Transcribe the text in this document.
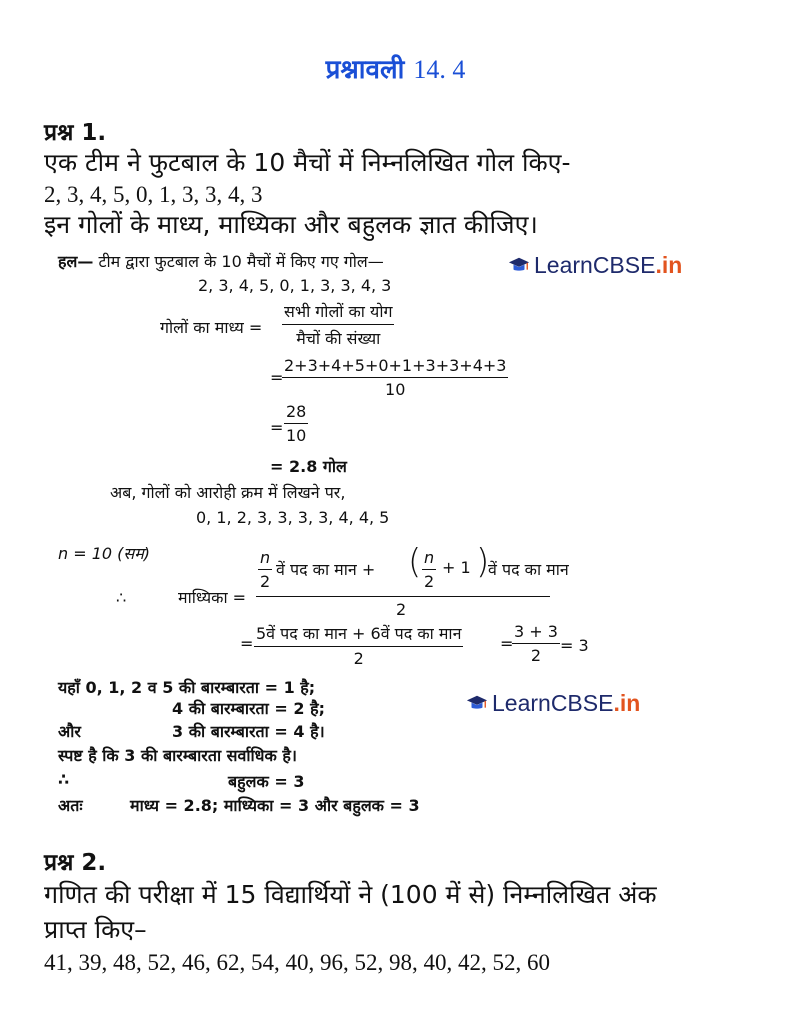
प्रश्नावली 14. 4
प्रश्न 1.
एक टीम ने फुटबाल के 10 मैचों में निम्नलिखित गोल किए-
2, 3, 4, 5, 0, 1, 3, 3, 4, 3
इन गोलों के माध्य, माध्यिका और बहुलक ज्ञात कीजिए।
हल— टीम द्वारा फुटबाल के 10 मैचों में किए गए गोल—	LearnCBSE .in
2, 3, 4, 5, 0, 1, 3, 3, 4, 3
गोलों का माध्य =
सभी गोलों का योग
मैचों की संख्या
=
$\frac{2+3+4+5+0+1+3+3+4+3}{10}$
= $\frac{28}{10}$
= 2.8 गोल
अब, गोलों को आरोही क्रम में लिखने पर,
0, 1, 2, 3, 3, 3, 3, 4, 4, 5
n = 10 (सम)
∴	माध्यिका =
$\frac{n}{2}$ वें पद का मान + ( $\frac{n}{2} + 1$ )
वें पद का मान
2
=
5वें पद का मान + 6वें पद का मान
2
=
$\frac{3 + 3}{2} = 3$
यहाँ 0, 1, 2 व 5 की बारम्बारता = 1 है;
LearnCBSE .in
4 की बारम्बारता = 2 है;
और	3 की बारम्बारता = 4 है।
स्पष्ट है कि 3 की बारम्बारता सर्वाधिक है।
∴	बहुलक = 3
अतः	माध्य = 2.8; माध्यिका = 3 और बहुलक = 3
प्रश्न 2.
गणित की परीक्षा में 15 विद्यार्थियों ने (100 में से) निम्नलिखित अंक
प्राप्त किए–
41, 39, 48, 52, 46, 62, 54, 40, 96, 52, 98, 40, 42, 52, 60
